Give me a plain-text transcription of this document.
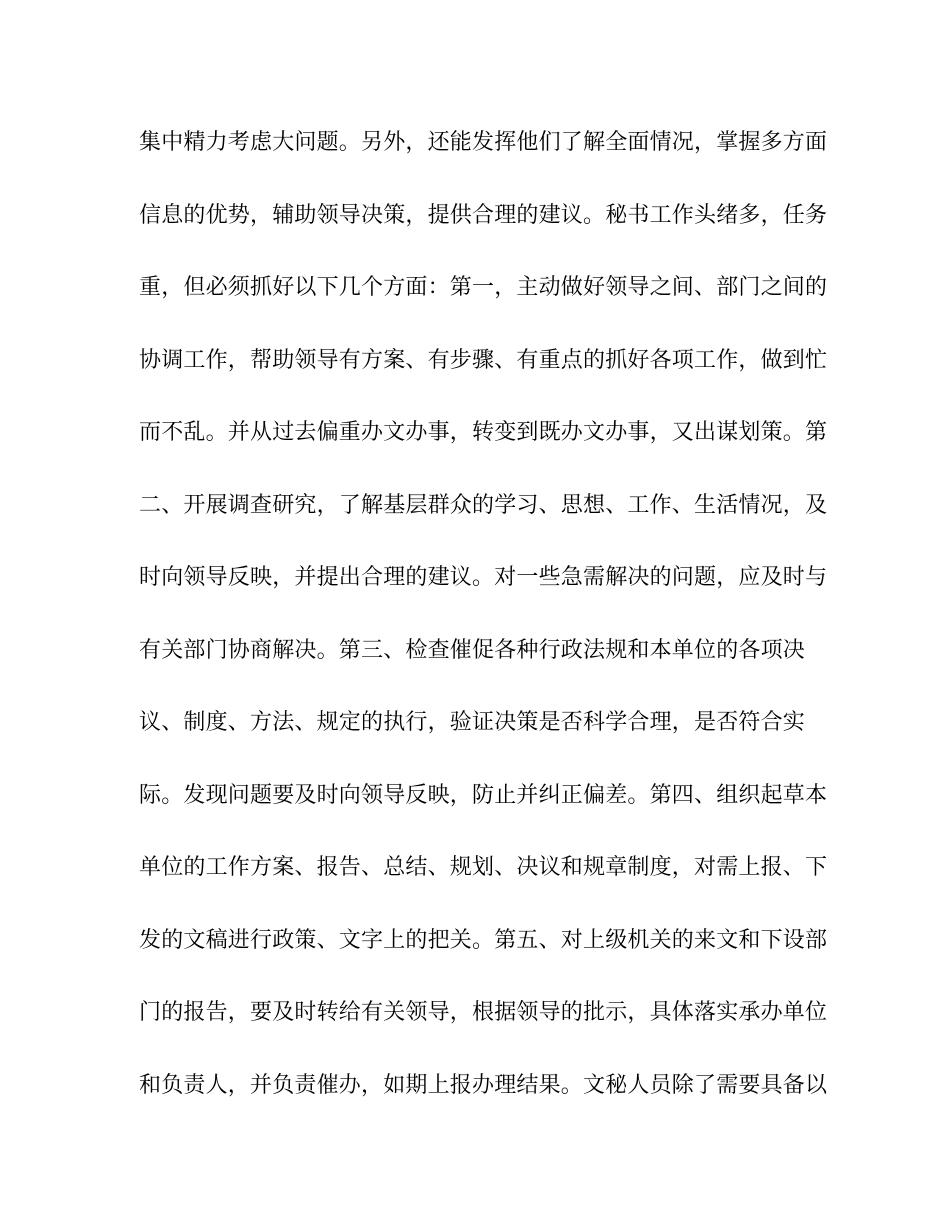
集中精力考虑大问题。另外，还能发挥他们了解全面情况，掌握多方面
信息的优势，辅助领导决策，提供合理的建议。秘书工作头绪多，任务
重，但必须抓好以下几个方面：第一，主动做好领导之间、部门之间的
协调工作，帮助领导有方案、有步骤、有重点的抓好各项工作，做到忙
而不乱。并从过去偏重办文办事，转变到既办文办事，又出谋划策。第
二、开展调查研究，了解基层群众的学习、思想、工作、生活情况，及
时向领导反映，并提出合理的建议。对一些急需解决的问题，应及时与
有关部门协商解决。第三、检查催促各种行政法规和本单位的各项决
议、制度、方法、规定的执行，验证决策是否科学合理，是否符合实
际。发现问题要及时向领导反映，防止并纠正偏差。第四、组织起草本
单位的工作方案、报告、总结、规划、决议和规章制度，对需上报、下
发的文稿进行政策、文字上的把关。第五、对上级机关的来文和下设部
门的报告，要及时转给有关领导，根据领导的批示，具体落实承办单位
和负责人，并负责催办，如期上报办理结果。文秘人员除了需要具备以
